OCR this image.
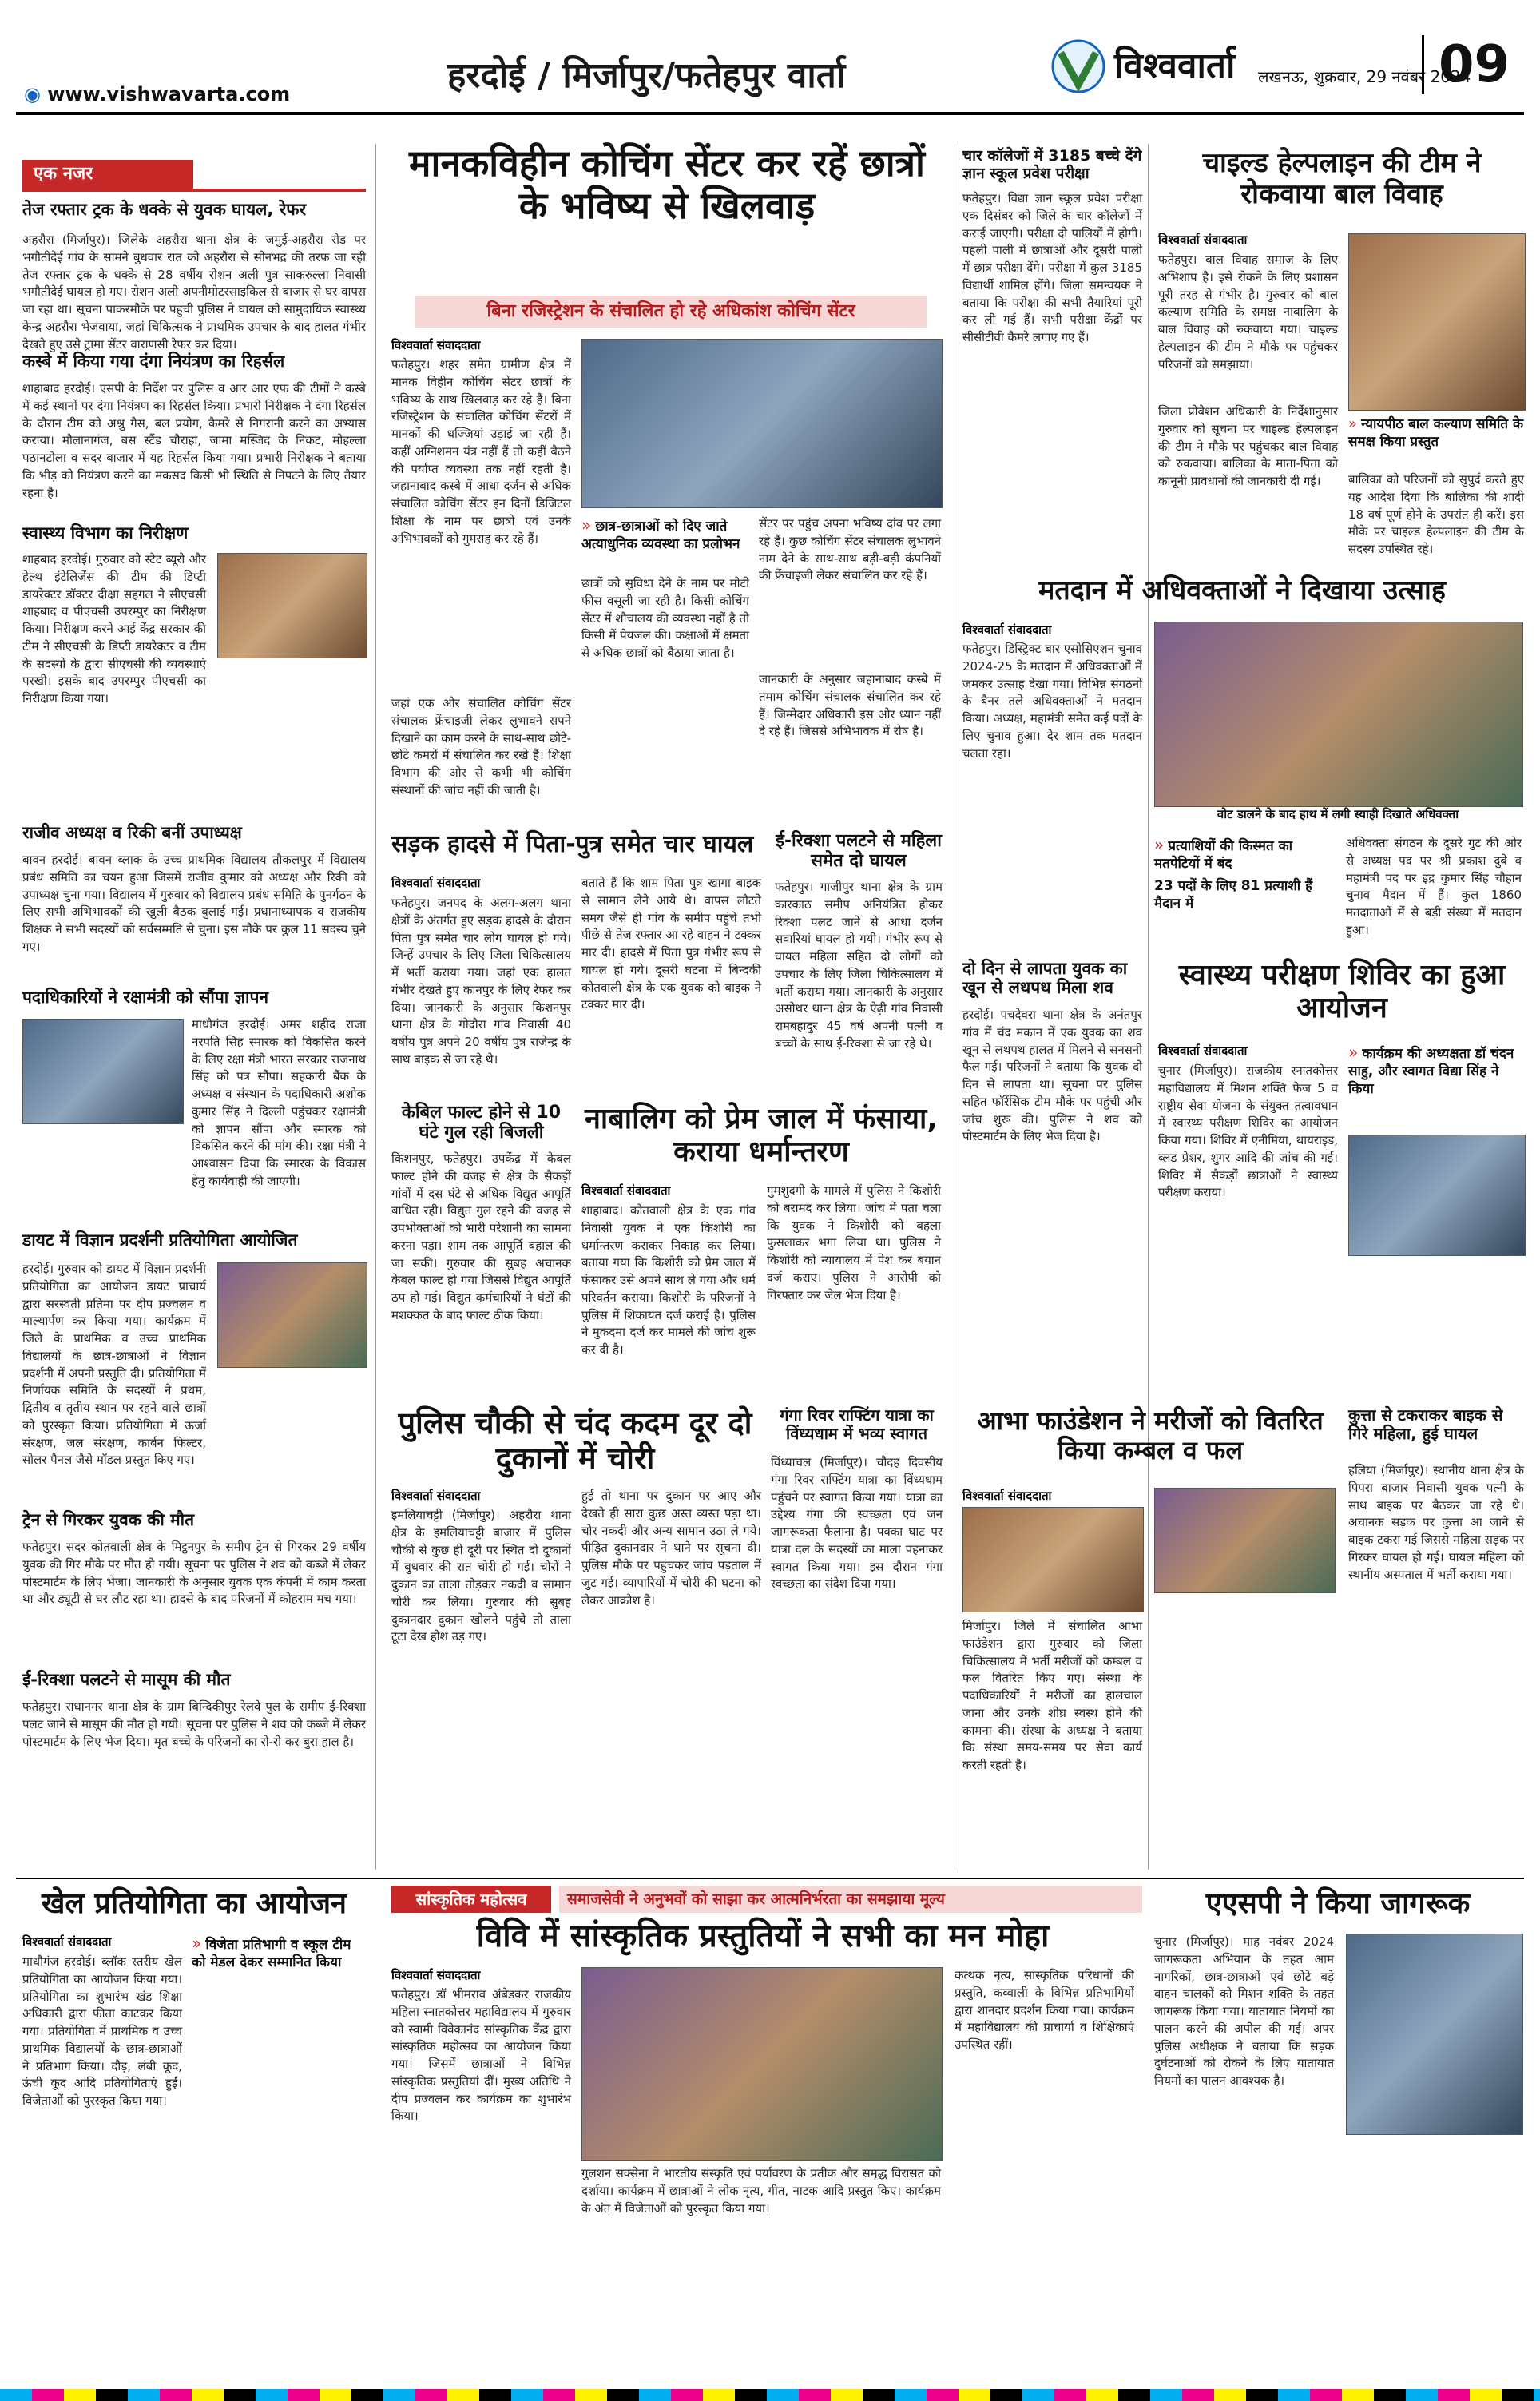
हरदोई / मिर्जापुर/फतेहपुर वार्ता
◉ www.vishwavarta.com
विश्ववार्ता लखनऊ, शुक्रवार, 29 नवंबर 2024
09
एक नजर
तेज रफ्तार ट्रक के धक्के से युवक घायल, रेफर
अहरौरा (मिर्जापुर)। जिलेके अहरौरा थाना क्षेत्र के जमुई-अहरौरा रोड पर भगौतीदेई गांव के सामने बुधवार रात को अहरौरा से सोनभद्र की तरफ जा रही तेज रफ्तार ट्रक के धक्के से 28 वर्षीय रोशन अली पुत्र साकरुल्ला निवासी भगौतीदेई घायल हो गए। रोशन अली अपनीमोटरसाइकिल से बाजार से घर वापस जा रहा था। सूचना पाकरमौके पर पहुंची पुलिस ने घायल को सामुदायिक स्वास्थ्य केन्द्र अहरौरा भेजवाया, जहां चिकित्सक ने प्राथमिक उपचार के बाद हालत गंभीर देखते हुए उसे ट्रामा सेंटर वाराणसी रेफर कर दिया।
कस्बे में किया गया दंगा नियंत्रण का रिहर्सल
शाहाबाद हरदोई। एसपी के निर्देश पर पुलिस व आर आर एफ की टीमों ने कस्बे में कई स्थानों पर दंगा नियंत्रण का रिहर्सल किया। प्रभारी निरीक्षक ने दंगा रिहर्सल के दौरान टीम को अश्रु गैस, बल प्रयोग, कैमरे से निगरानी करने का अभ्यास कराया। मौलानागंज, बस स्टैंड चौराहा, जामा मस्जिद के निकट, मोहल्ला पठानटोला व सदर बाजार में यह रिहर्सल किया गया। प्रभारी निरीक्षक ने बताया कि भीड़ को नियंत्रण करने का मकसद किसी भी स्थिति से निपटने के लिए तैयार रहना है।
स्वास्थ्य विभाग का निरीक्षण
शाहबाद हरदोई। गुरुवार को स्टेट ब्यूरो और हेल्थ इंटेलिजेंस की टीम की डिप्टी डायरेक्टर डॉक्टर दीक्षा सहगल ने सीएचसी शाहबाद व पीएचसी उपरम्पुर का निरीक्षण किया। निरीक्षण करने आई केंद्र सरकार की टीम ने सीएचसी के डिप्टी डायरेक्टर व टीम के सदस्यों के द्वारा सीएचसी की व्यवस्थाएं परखी। इसके बाद उपरम्पुर पीएचसी का निरीक्षण किया गया।
राजीव अध्यक्ष व रिकी बनीं उपाध्यक्ष
बावन हरदोई। बावन ब्लाक के उच्च प्राथमिक विद्यालय तौकलपुर में विद्यालय प्रबंध समिति का चयन हुआ जिसमें राजीव कुमार को अध्यक्ष और रिकी को उपाध्यक्ष चुना गया। विद्यालय में गुरुवार को विद्यालय प्रबंध समिति के पुनर्गठन के लिए सभी अभिभावकों की खुली बैठक बुलाई गई। प्रधानाध्यापक व राजकीय शिक्षक ने सभी सदस्यों को सर्वसम्मति से चुना। इस मौके पर कुल 11 सदस्य चुने गए।
पदाधिकारियों ने रक्षामंत्री को सौंपा ज्ञापन
माधौगंज हरदोई। अमर शहीद राजा नरपति सिंह स्मारक को विकसित करने के लिए रक्षा मंत्री भारत सरकार राजनाथ सिंह को पत्र सौंपा। सहकारी बैंक के अध्यक्ष व संस्थान के पदाधिकारी अशोक कुमार सिंह ने दिल्ली पहुंचकर रक्षामंत्री को ज्ञापन सौंपा और स्मारक को विकसित करने की मांग की। रक्षा मंत्री ने आश्वासन दिया कि स्मारक के विकास हेतु कार्यवाही की जाएगी।
डायट में विज्ञान प्रदर्शनी प्रतियोगिता आयोजित
हरदोई। गुरुवार को डायट में विज्ञान प्रदर्शनी प्रतियोगिता का आयोजन डायट प्राचार्य द्वारा सरस्वती प्रतिमा पर दीप प्रज्वलन व माल्यार्पण कर किया गया। कार्यक्रम में जिले के प्राथमिक व उच्च प्राथमिक विद्यालयों के छात्र-छात्राओं ने विज्ञान प्रदर्शनी में अपनी प्रस्तुति दी। प्रतियोगिता में निर्णायक समिति के सदस्यों ने प्रथम, द्वितीय व तृतीय स्थान पर रहने वाले छात्रों को पुरस्कृत किया। प्रतियोगिता में ऊर्जा संरक्षण, जल संरक्षण, कार्बन फिल्टर, सोलर पैनल जैसे मॉडल प्रस्तुत किए गए।
ट्रेन से गिरकर युवक की मौत
फतेहपुर। सदर कोतवाली क्षेत्र के मिट्ठनपुर के समीप ट्रेन से गिरकर 29 वर्षीय युवक की गिर मौके पर मौत हो गयी। सूचना पर पुलिस ने शव को कब्जे में लेकर पोस्टमार्टम के लिए भेजा। जानकारी के अनुसार युवक एक कंपनी में काम करता था और ड्यूटी से घर लौट रहा था। हादसे के बाद परिजनों में कोहराम मच गया।
ई-रिक्शा पलटने से मासूम की मौत
फतेहपुर। राधानगर थाना क्षेत्र के ग्राम बिन्दिकीपुर रेलवे पुल के समीप ई-रिक्शा पलट जाने से मासूम की मौत हो गयी। सूचना पर पुलिस ने शव को कब्जे में लेकर पोस्टमार्टम के लिए भेज दिया। मृत बच्चे के परिजनों का रो-रो कर बुरा हाल है।
मानकविहीन कोचिंग सेंटर कर रहें छात्रों के भविष्य से खिलवाड़
बिना रजिस्ट्रेशन के संचालित हो रहे अधिकांश कोचिंग सेंटर
विश्ववार्ता संवाददाता
फतेहपुर। शहर समेत ग्रामीण क्षेत्र में मानक विहीन कोचिंग सेंटर छात्रों के भविष्य के साथ खिलवाड़ कर रहे हैं। बिना रजिस्ट्रेशन के संचालित कोचिंग सेंटरों में मानकों की धज्जियां उड़ाई जा रही हैं। कहीं अग्निशमन यंत्र नहीं हैं तो कहीं बैठने की पर्याप्त व्यवस्था तक नहीं रहती है। जहानाबाद कस्बे में आधा दर्जन से अधिक संचालित कोचिंग सेंटर इन दिनों डिजिटल शिक्षा के नाम पर छात्रों एवं उनके अभिभावकों को गुमराह कर रहे हैं।
जहां एक ओर संचालित कोचिंग सेंटर संचालक फ्रेंचाइजी लेकर लुभावने सपने दिखाने का काम करने के साथ-साथ छोटे-छोटे कमरों में संचालित कर रखे हैं। शिक्षा विभाग की ओर से कभी भी कोचिंग संस्थानों की जांच नहीं की जाती है।
» छात्र-छात्राओं को दिए जाते अत्याधुनिक व्यवस्था का प्रलोभन
छात्रों को सुविधा देने के नाम पर मोटी फीस वसूली जा रही है। किसी कोचिंग सेंटर में शौचालय की व्यवस्था नहीं है तो किसी में पेयजल की। कक्षाओं में क्षमता से अधिक छात्रों को बैठाया जाता है।
सेंटर पर पहुंच अपना भविष्य दांव पर लगा रहे हैं। कुछ कोचिंग सेंटर संचालक लुभावने नाम देने के साथ-साथ बड़ी-बड़ी कंपनियों की फ्रेंचाइजी लेकर संचालित कर रहे हैं।
जानकारी के अनुसार जहानाबाद कस्बे में तमाम कोचिंग संचालक संचालित कर रहे हैं। जिम्मेदार अधिकारी इस ओर ध्यान नहीं दे रहे हैं। जिससे अभिभावक में रोष है।
सड़क हादसे में पिता-पुत्र समेत चार घायल
विश्ववार्ता संवाददाता
फतेहपुर। जनपद के अलग-अलग थाना क्षेत्रों के अंतर्गत हुए सड़क हादसे के दौरान पिता पुत्र समेत चार लोग घायल हो गये। जिन्हें उपचार के लिए जिला चिकित्सालय में भर्ती कराया गया। जहां एक हालत गंभीर देखते हुए कानपुर के लिए रेफर कर दिया। जानकारी के अनुसार किशनपुर थाना क्षेत्र के गोदौरा गांव निवासी 40 वर्षीय पुत्र अपने 20 वर्षीय पुत्र राजेन्द्र के साथ बाइक से जा रहे थे।
बताते हैं कि शाम पिता पुत्र खागा बाइक से सामान लेने आये थे। वापस लौटते समय जैसे ही गांव के समीप पहुंचे तभी पीछे से तेज रफ्तार आ रहे वाहन ने टक्कर मार दी। हादसे में पिता पुत्र गंभीर रूप से घायल हो गये। दूसरी घटना में बिन्दकी कोतवाली क्षेत्र के एक युवक को बाइक ने टक्कर मार दी।
ई-रिक्शा पलटने से महिला समेत दो घायल
फतेहपुर। गाजीपुर थाना क्षेत्र के ग्राम कारकाठ समीप अनियंत्रित होकर रिक्शा पलट जाने से आधा दर्जन सवारियां घायल हो गयी। गंभीर रूप से घायल महिला सहित दो लोगों को उपचार के लिए जिला चिकित्सालय में भर्ती कराया गया। जानकारी के अनुसार असोथर थाना क्षेत्र के ऐढ़ी गांव निवासी रामबहादुर 45 वर्ष अपनी पत्नी व बच्चों के साथ ई-रिक्शा से जा रहे थे।
केबिल फाल्ट होने से 10 घंटे गुल रही बिजली
किशनपुर, फतेहपुर। उपकेंद्र में केबल फाल्ट होने की वजह से क्षेत्र के सैकड़ों गांवों में दस घंटे से अधिक विद्युत आपूर्ति बाधित रही। विद्युत गुल रहने की वजह से उपभोक्ताओं को भारी परेशानी का सामना करना पड़ा। शाम तक आपूर्ति बहाल की जा सकी। गुरुवार की सुबह अचानक केबल फाल्ट हो गया जिससे विद्युत आपूर्ति ठप हो गई। विद्युत कर्मचारियों ने घंटों की मशक्कत के बाद फाल्ट ठीक किया।
नाबालिग को प्रेम जाल में फंसाया, कराया धर्मान्तरण
विश्ववार्ता संवाददाता
शाहाबाद। कोतवाली क्षेत्र के एक गांव निवासी युवक ने एक किशोरी का धर्मान्तरण कराकर निकाह कर लिया। बताया गया कि किशोरी को प्रेम जाल में फंसाकर उसे अपने साथ ले गया और धर्म परिवर्तन कराया। किशोरी के परिजनों ने पुलिस में शिकायत दर्ज कराई है। पुलिस ने मुकदमा दर्ज कर मामले की जांच शुरू कर दी है।
गुमशुदगी के मामले में पुलिस ने किशोरी को बरामद कर लिया। जांच में पता चला कि युवक ने किशोरी को बहला फुसलाकर भगा लिया था। पुलिस ने किशोरी को न्यायालय में पेश कर बयान दर्ज कराए। पुलिस ने आरोपी को गिरफ्तार कर जेल भेज दिया है।
पुलिस चौकी से चंद कदम दूर दो दुकानों में चोरी
विश्ववार्ता संवाददाता
इमलियाचट्टी (मिर्जापुर)। अहरौरा थाना क्षेत्र के इमलियाचट्टी बाजार में पुलिस चौकी से कुछ ही दूरी पर स्थित दो दुकानों में बुधवार की रात चोरी हो गई। चोरों ने दुकान का ताला तोड़कर नकदी व सामान चोरी कर लिया। गुरुवार की सुबह दुकानदार दुकान खोलने पहुंचे तो ताला टूटा देख होश उड़ गए।
हुई तो थाना पर दुकान पर आए और देखते ही सारा कुछ अस्त व्यस्त पड़ा था। चोर नकदी और अन्य सामान उठा ले गये। पीड़ित दुकानदार ने थाने पर सूचना दी। पुलिस मौके पर पहुंचकर जांच पड़ताल में जुट गई। व्यापारियों में चोरी की घटना को लेकर आक्रोश है।
गंगा रिवर राफ्टिंग यात्रा का विंध्यधाम में भव्य स्वागत
विंध्याचल (मिर्जापुर)। चौदह दिवसीय गंगा रिवर राफ्टिंग यात्रा का विंध्यधाम पहुंचने पर स्वागत किया गया। यात्रा का उद्देश्य गंगा की स्वच्छता एवं जन जागरूकता फैलाना है। पक्का घाट पर यात्रा दल के सदस्यों का माला पहनाकर स्वागत किया गया। इस दौरान गंगा स्वच्छता का संदेश दिया गया।
चार कॉलेजों में 3185 बच्चे देंगे ज्ञान स्कूल प्रवेश परीक्षा
फतेहपुर। विद्या ज्ञान स्कूल प्रवेश परीक्षा एक दिसंबर को जिले के चार कॉलेजों में कराई जाएगी। परीक्षा दो पालियों में होगी। पहली पाली में छात्राओं और दूसरी पाली में छात्र परीक्षा देंगे। परीक्षा में कुल 3185 विद्यार्थी शामिल होंगे। जिला समन्वयक ने बताया कि परीक्षा की सभी तैयारियां पूरी कर ली गई हैं। सभी परीक्षा केंद्रों पर सीसीटीवी कैमरे लगाए गए हैं।
चाइल्ड हेल्पलाइन की टीम ने रोकवाया बाल विवाह
विश्ववार्ता संवाददाता
फतेहपुर। बाल विवाह समाज के लिए अभिशाप है। इसे रोकने के लिए प्रशासन पूरी तरह से गंभीर है। गुरुवार को बाल कल्याण समिति के समक्ष नाबालिग के बाल विवाह को रुकवाया गया। चाइल्ड हेल्पलाइन की टीम ने मौके पर पहुंचकर परिजनों को समझाया।
» न्यायपीठ बाल कल्याण समिति के समक्ष किया प्रस्तुत
जिला प्रोबेशन अधिकारी के निर्देशानुसार गुरुवार को सूचना पर चाइल्ड हेल्पलाइन की टीम ने मौके पर पहुंचकर बाल विवाह को रुकवाया। बालिका के माता-पिता को कानूनी प्रावधानों की जानकारी दी गई।	बालिका को परिजनों को सुपुर्द करते हुए यह आदेश दिया कि बालिका की शादी 18 वर्ष पूर्ण होने के उपरांत ही करें। इस मौके पर चाइल्ड हेल्पलाइन की टीम के सदस्य उपस्थित रहे।
मतदान में अधिवक्ताओं ने दिखाया उत्साह
विश्ववार्ता संवाददाता
फतेहपुर। डिस्ट्रिक्ट बार एसोसिएशन चुनाव 2024-25 के मतदान में अधिवक्ताओं में जमकर उत्साह देखा गया। विभिन्न संगठनों के बैनर तले अधिवक्ताओं ने मतदान किया। अध्यक्ष, महामंत्री समेत कई पदों के लिए चुनाव हुआ। देर शाम तक मतदान चलता रहा।
वोट डालने के बाद हाथ में लगी स्याही दिखाते अधिवक्ता
» प्रत्याशियों की किस्मत का मतपेटियों में बंद
23 पदों के लिए 81 प्रत्याशी हैं मैदान में
अधिवक्ता संगठन के दूसरे गुट की ओर से अध्यक्ष पद पर श्री प्रकाश दुबे व महामंत्री पद पर इंद्र कुमार सिंह चौहान चुनाव मैदान में हैं। कुल 1860 मतदाताओं में से बड़ी संख्या में मतदान हुआ।
दो दिन से लापता युवक का खून से लथपथ मिला शव
हरदोई। पचदेवरा थाना क्षेत्र के अनंतपुर गांव में चंद मकान में एक युवक का शव खून से लथपथ हालत में मिलने से सनसनी फैल गई। परिजनों ने बताया कि युवक दो दिन से लापता था। सूचना पर पुलिस सहित फॉरेंसिक टीम मौके पर पहुंची और जांच शुरू की। पुलिस ने शव को पोस्टमार्टम के लिए भेज दिया है।
स्वास्थ्य परीक्षण शिविर का हुआ आयोजन
विश्ववार्ता संवाददाता
चुनार (मिर्जापुर)। राजकीय स्नातकोत्तर महाविद्यालय में मिशन शक्ति फेज 5 व राष्ट्रीय सेवा योजना के संयुक्त तत्वावधान में स्वास्थ्य परीक्षण शिविर का आयोजन किया गया। शिविर में एनीमिया, थायराइड, ब्लड प्रेशर, शुगर आदि की जांच की गई। शिविर में सैकड़ों छात्राओं ने स्वास्थ्य परीक्षण कराया।
» कार्यक्रम की अध्यक्षता डॉ चंदन साहु, और स्वागत विद्या सिंह ने किया
आभा फाउंडेशन ने मरीजों को वितरित किया कम्बल व फल
विश्ववार्ता संवाददाता
मिर्जापुर। जिले में संचालित आभा फाउंडेशन द्वारा गुरुवार को जिला चिकित्सालय में भर्ती मरीजों को कम्बल व फल वितरित किए गए। संस्था के पदाधिकारियों ने मरीजों का हालचाल जाना और उनके शीघ्र स्वस्थ होने की कामना की। संस्था के अध्यक्ष ने बताया कि संस्था समय-समय पर सेवा कार्य करती रहती है।
कुत्ता से टकराकर बाइक से गिरे महिला, हुई घायल
हलिया (मिर्जापुर)। स्थानीय थाना क्षेत्र के पिपरा बाजार निवासी युवक पत्नी के साथ बाइक पर बैठकर जा रहे थे। अचानक सड़क पर कुत्ता आ जाने से बाइक टकरा गई जिससे महिला सड़क पर गिरकर घायल हो गई। घायल महिला को स्थानीय अस्पताल में भर्ती कराया गया।
खेल प्रतियोगिता का आयोजन
विश्ववार्ता संवाददाता
माधौगंज हरदोई। ब्लॉक स्तरीय खेल प्रतियोगिता का आयोजन किया गया। प्रतियोगिता का शुभारंभ खंड शिक्षा अधिकारी द्वारा फीता काटकर किया गया। प्रतियोगिता में प्राथमिक व उच्च प्राथमिक विद्यालयों के छात्र-छात्राओं ने प्रतिभाग किया। दौड़, लंबी कूद, ऊंची कूद आदि प्रतियोगिताएं हुईं। विजेताओं को पुरस्कृत किया गया।
» विजेता प्रतिभागी व स्कूल टीम को मेडल देकर सम्मानित किया
सांस्कृतिक महोत्सव	समाजसेवी ने अनुभवों को साझा कर आत्मनिर्भरता का समझाया मूल्य
विवि में सांस्कृतिक प्रस्तुतियों ने सभी का मन मोहा
विश्ववार्ता संवाददाता
फतेहपुर। डॉ भीमराव अंबेडकर राजकीय महिला स्नातकोत्तर महाविद्यालय में गुरुवार को स्वामी विवेकानंद सांस्कृतिक केंद्र द्वारा सांस्कृतिक महोत्सव का आयोजन किया गया। जिसमें छात्राओं ने विभिन्न सांस्कृतिक प्रस्तुतियां दीं। मुख्य अतिथि ने दीप प्रज्वलन कर कार्यक्रम का शुभारंभ किया।
गुलशन सक्सेना ने भारतीय संस्कृति एवं पर्यावरण के प्रतीक और समृद्ध विरासत को दर्शाया। कार्यक्रम में छात्राओं ने लोक नृत्य, गीत, नाटक आदि प्रस्तुत किए। कार्यक्रम के अंत में विजेताओं को पुरस्कृत किया गया।
कत्थक नृत्य, सांस्कृतिक परिधानों की प्रस्तुति, कव्वाली के विभिन्न प्रतिभागियों द्वारा शानदार प्रदर्शन किया गया। कार्यक्रम में महाविद्यालय की प्राचार्या व शिक्षिकाएं उपस्थित रहीं।
एएसपी ने किया जागरूक
चुनार (मिर्जापुर)। माह नवंबर 2024 जागरूकता अभियान के तहत आम नागरिकों, छात्र-छात्राओं एवं छोटे बड़े वाहन चालकों को मिशन शक्ति के तहत जागरूक किया गया। यातायात नियमों का पालन करने की अपील की गई। अपर पुलिस अधीक्षक ने बताया कि सड़क दुर्घटनाओं को रोकने के लिए यातायात नियमों का पालन आवश्यक है।
